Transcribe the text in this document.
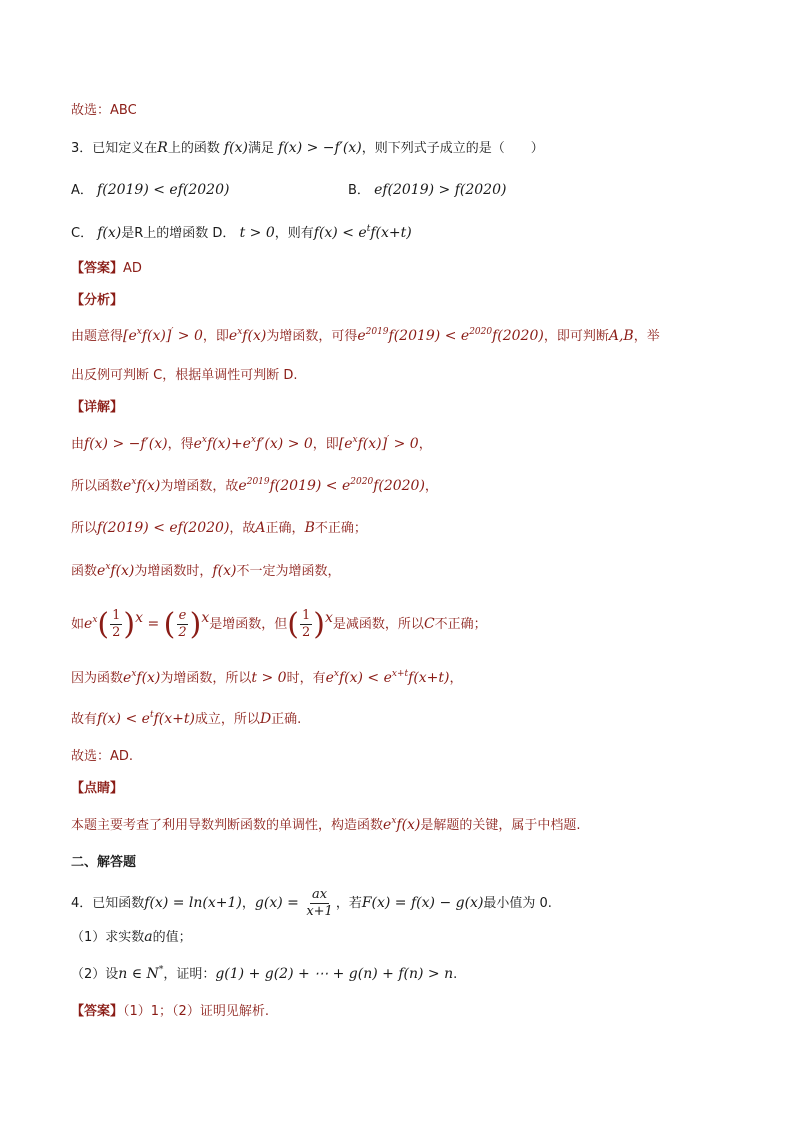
故选：ABC
3．已知定义在R上的函数 f(x)满足 f(x) > −f′(x)，则下列式子成立的是（　　）
A． f(2019) < ef(2020)	B． ef(2019) > f(2020)
C． f(x)是R上的增函数 D． t > 0，则有$f(x) < e^tf(x+t)$
【答案】AD
【分析】
由题意得$[e^xf(x)]' > 0$，即$e^xf(x)$为增函数，可得$e^{2019}f(2019) < e^{2020}f(2020)$，即可判断A,B，举
出反例可判断 C，根据单调性可判断 D.
【详解】
由f(x) > −f′(x)，得$e^xf(x)+e^xf'(x) > 0$，即$[e^xf(x)]' > 0$，
所以函数$e^xf(x)$为增函数，故$e^{2019}f(2019) < e^{2020}f(2020)$，
所以f(2019) < ef(2020)，故A正确，B不正确；
函数$e^xf(x)$为增函数时，f(x)不一定为增函数，
如$e^x$ ( $\frac{1}{2}$ ) $^x$ = ( $\frac{e}{2}$ ) $^x$是增函数，但 ( $\frac{1}{2}$ ) $^x$是减函数，所以C不正确；
因为函数$e^xf(x)$为增函数，所以t > 0时，有$e^xf(x) < e^{x+t}f(x+t)$，
故有$f(x) < e^tf(x+t)$成立，所以D正确.
故选：AD.
【点睛】
本题主要考查了利用导数判断函数的单调性，构造函数$e^xf(x)$是解题的关键，属于中档题.
二、解答题
4．已知函数f(x) = ln(x+1)，$g(x) = \frac{ax}{x+1}$ ，若F(x) = f(x) − g(x)最小值为 0.
（1）求实数a的值；
（2）设n ∈ N*，证明：g(1) + g(2) + ⋯ + g(n) + f(n) > n.
【答案】（1）1；（2）证明见解析.
